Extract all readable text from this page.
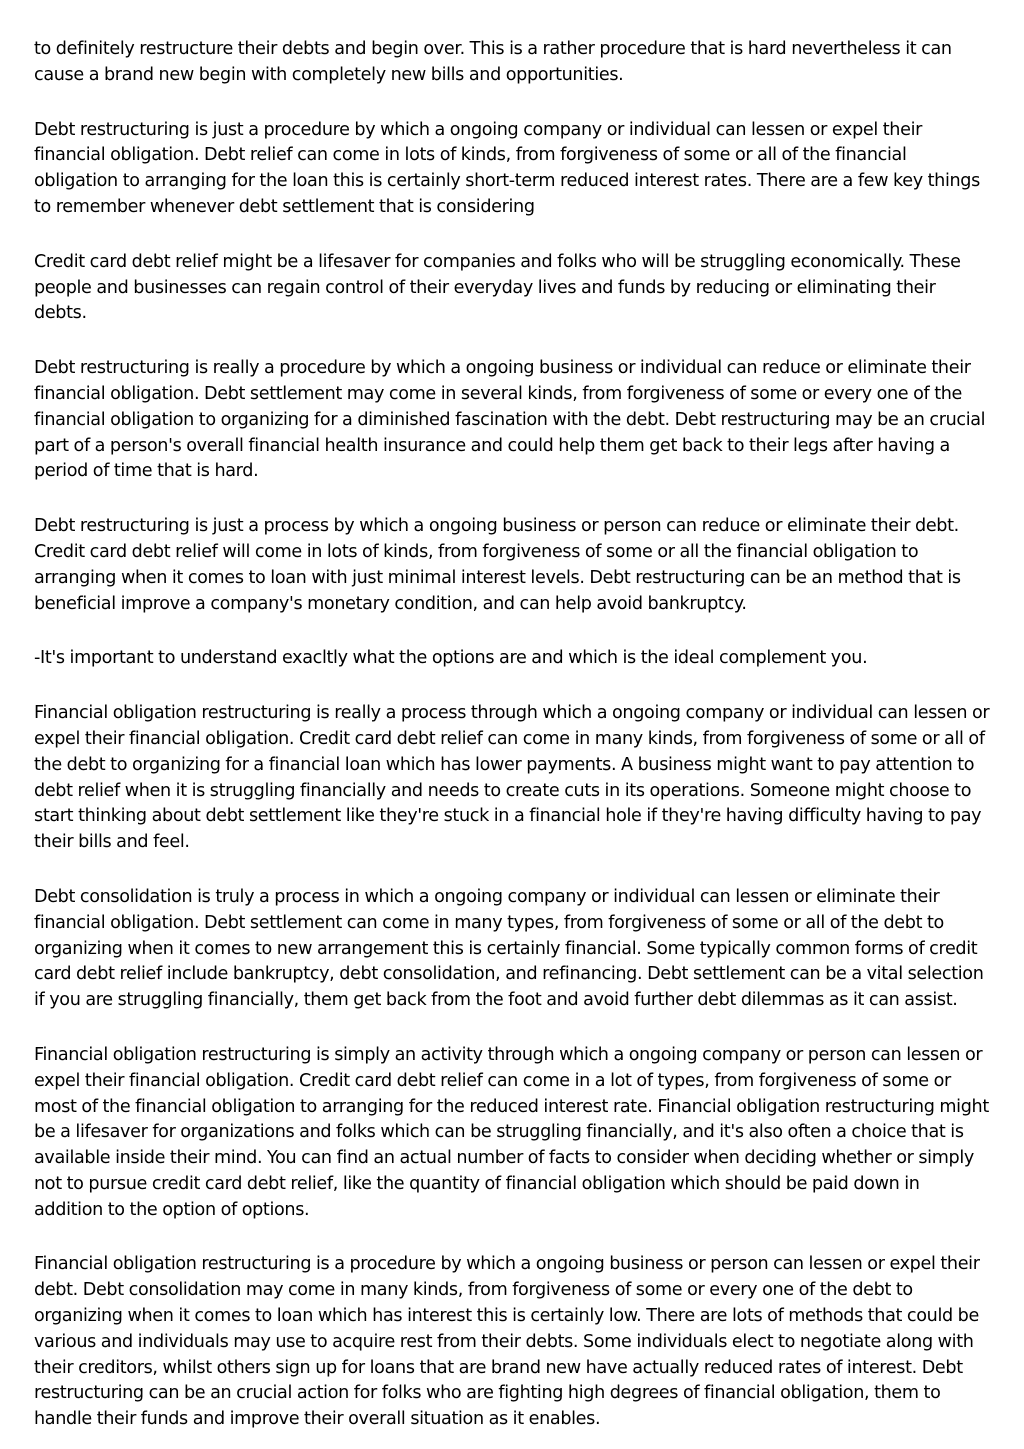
to definitely restructure their debts and begin over. This is a rather procedure that is hard nevertheless it can cause a brand new begin with completely new bills and opportunities.

Debt restructuring is just a procedure by which a ongoing company or individual can lessen or expel their financial obligation. Debt relief can come in lots of kinds, from forgiveness of some or all of the financial obligation to arranging for the loan this is certainly short-term reduced interest rates. There are a few key things to remember whenever debt settlement that is considering

Credit card debt relief might be a lifesaver for companies and folks who will be struggling economically. These people and businesses can regain control of their everyday lives and funds by reducing or eliminating their debts.

Debt restructuring is really a procedure by which a ongoing business or individual can reduce or eliminate their financial obligation. Debt settlement may come in several kinds, from forgiveness of some or every one of the financial obligation to organizing for a diminished fascination with the debt. Debt restructuring may be an crucial part of a person's overall financial health insurance and could help them get back to their legs after having a period of time that is hard.

Debt restructuring is just a process by which a ongoing business or person can reduce or eliminate their debt. Credit card debt relief will come in lots of kinds, from forgiveness of some or all the financial obligation to arranging when it comes to loan with just minimal interest levels. Debt restructuring can be an method that is beneficial improve a company's monetary condition, and can help avoid bankruptcy.

-It's important to understand exacltly what the options are and which is the ideal complement you.

Financial obligation restructuring is really a process through which a ongoing company or individual can lessen or expel their financial obligation. Credit card debt relief can come in many kinds, from forgiveness of some or all of the debt to organizing for a financial loan which has lower payments. A business might want to pay attention to debt relief when it is struggling financially and needs to create cuts in its operations. Someone might choose to start thinking about debt settlement like they're stuck in a financial hole if they're having difficulty having to pay their bills and feel.

Debt consolidation is truly a process in which a ongoing company or individual can lessen or eliminate their financial obligation. Debt settlement can come in many types, from forgiveness of some or all of the debt to organizing when it comes to new arrangement this is certainly financial. Some typically common forms of credit card debt relief include bankruptcy, debt consolidation, and refinancing. Debt settlement can be a vital selection if you are struggling financially, them get back from the foot and avoid further debt dilemmas as it can assist.

Financial obligation restructuring is simply an activity through which a ongoing company or person can lessen or expel their financial obligation. Credit card debt relief can come in a lot of types, from forgiveness of some or most of the financial obligation to arranging for the reduced interest rate. Financial obligation restructuring might be a lifesaver for organizations and folks which can be struggling financially, and it's also often a choice that is available inside their mind. You can find an actual number of facts to consider when deciding whether or simply not to pursue credit card debt relief, like the quantity of financial obligation which should be paid down in addition to the option of options.

Financial obligation restructuring is a procedure by which a ongoing business or person can lessen or expel their debt. Debt consolidation may come in many kinds, from forgiveness of some or every one of the debt to organizing when it comes to loan which has interest this is certainly low. There are lots of methods that could be various and individuals may use to acquire rest from their debts. Some individuals elect to negotiate along with their creditors, whilst others sign up for loans that are brand new have actually reduced rates of interest. Debt restructuring can be an crucial action for folks who are fighting high degrees of financial obligation, them to handle their funds and improve their overall situation as it enables.
